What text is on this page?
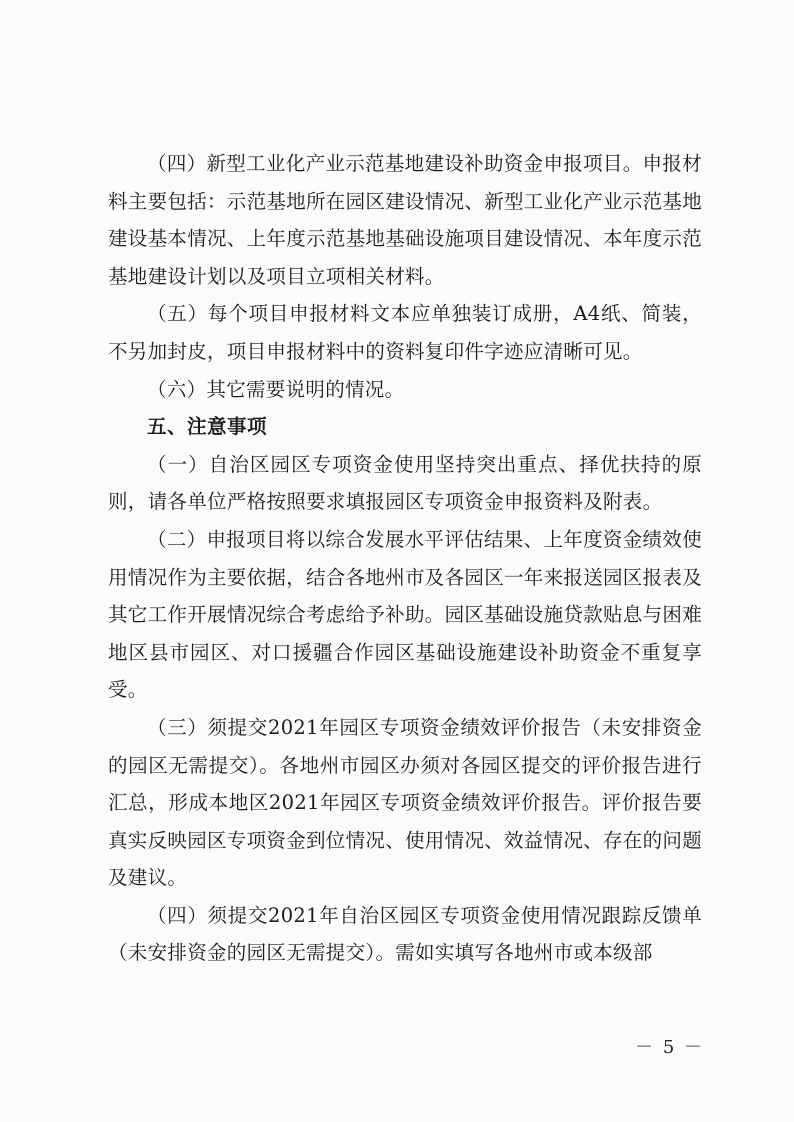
（四）新型工业化产业示范基地建设补助资金申报项目。申报材料主要包括：示范基地所在园区建设情况、新型工业化产业示范基地建设基本情况、上年度示范基地基础设施项目建设情况、本年度示范基地建设计划以及项目立项相关材料。

（五）每个项目申报材料文本应单独装订成册，A4纸、简装，不另加封皮，项目申报材料中的资料复印件字迹应清晰可见。

（六）其它需要说明的情况。

五、注意事项

（一）自治区园区专项资金使用坚持突出重点、择优扶持的原则，请各单位严格按照要求填报园区专项资金申报资料及附表。

（二）申报项目将以综合发展水平评估结果、上年度资金绩效使用情况作为主要依据，结合各地州市及各园区一年来报送园区报表及其它工作开展情况综合考虑给予补助。园区基础设施贷款贴息与困难地区县市园区、对口援疆合作园区基础设施建设补助资金不重复享受。

（三）须提交2021年园区专项资金绩效评价报告（未安排资金的园区无需提交）。各地州市园区办须对各园区提交的评价报告进行汇总，形成本地区2021年园区专项资金绩效评价报告。评价报告要真实反映园区专项资金到位情况、使用情况、效益情况、存在的问题及建议。

（四）须提交2021年自治区园区专项资金使用情况跟踪反馈单（未安排资金的园区无需提交）。需如实填写各地州市或本级部

－ 5 －
